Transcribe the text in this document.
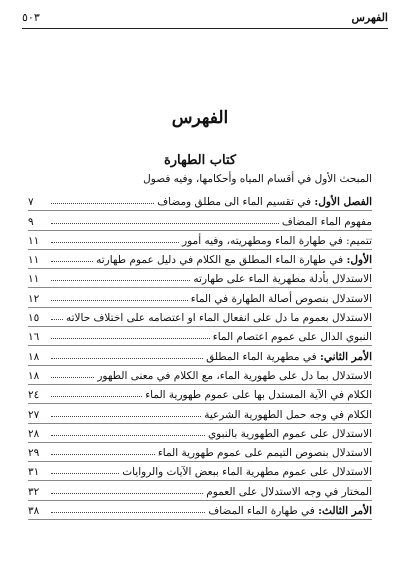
الفهرس
٥٠٣
الفهرس
كتاب الطهارة
المبحث الأول في أقسام المياه وأحكامها، وفيه فصول
الفصل الأول: في تقسيم الماء الى مطلق ومضاف
٧
مفهوم الماء المضاف
٩
تتميم: في طهارة الماء ومطهريته، وفيه أمور
١١
الأول: في طهارة الماء المطلق مع الكلام في دليل عموم طهارته
١١
الاستدلال بأدلة مطهرية الماء على طهارته
١١
الاستدلال بنصوص أصالة الطهارة في الماء
١٢
الاستدلال بعموم ما دل على انفعال الماء او اعتصامه على اختلاف حالاته
١٥
النبوي الدال على عموم اعتصام الماء
١٦
الأمر الثاني: في مطهرية الماء المطلق
١٨
الاستدلال بما دل على طهورية الماء، مع الكلام في معنى الطهور
١٨
الكلام في الآية المستدل بها على عموم طهورية الماء
٢٤
الكلام في وجه حمل الطهورية الشرعية
٢٧
الاستدلال على عموم الطهورية بالنبوي
٢٨
الاستدلال بنصوص التيمم على عموم طهورية الماء
٢٩
الاستدلال على عموم مطهرية الماء ببعض الآيات والروايات
٣١
المختار في وجه الاستدلال على العموم
٣٢
الأمر الثالث: في طهارة الماء المضاف
٣٨
